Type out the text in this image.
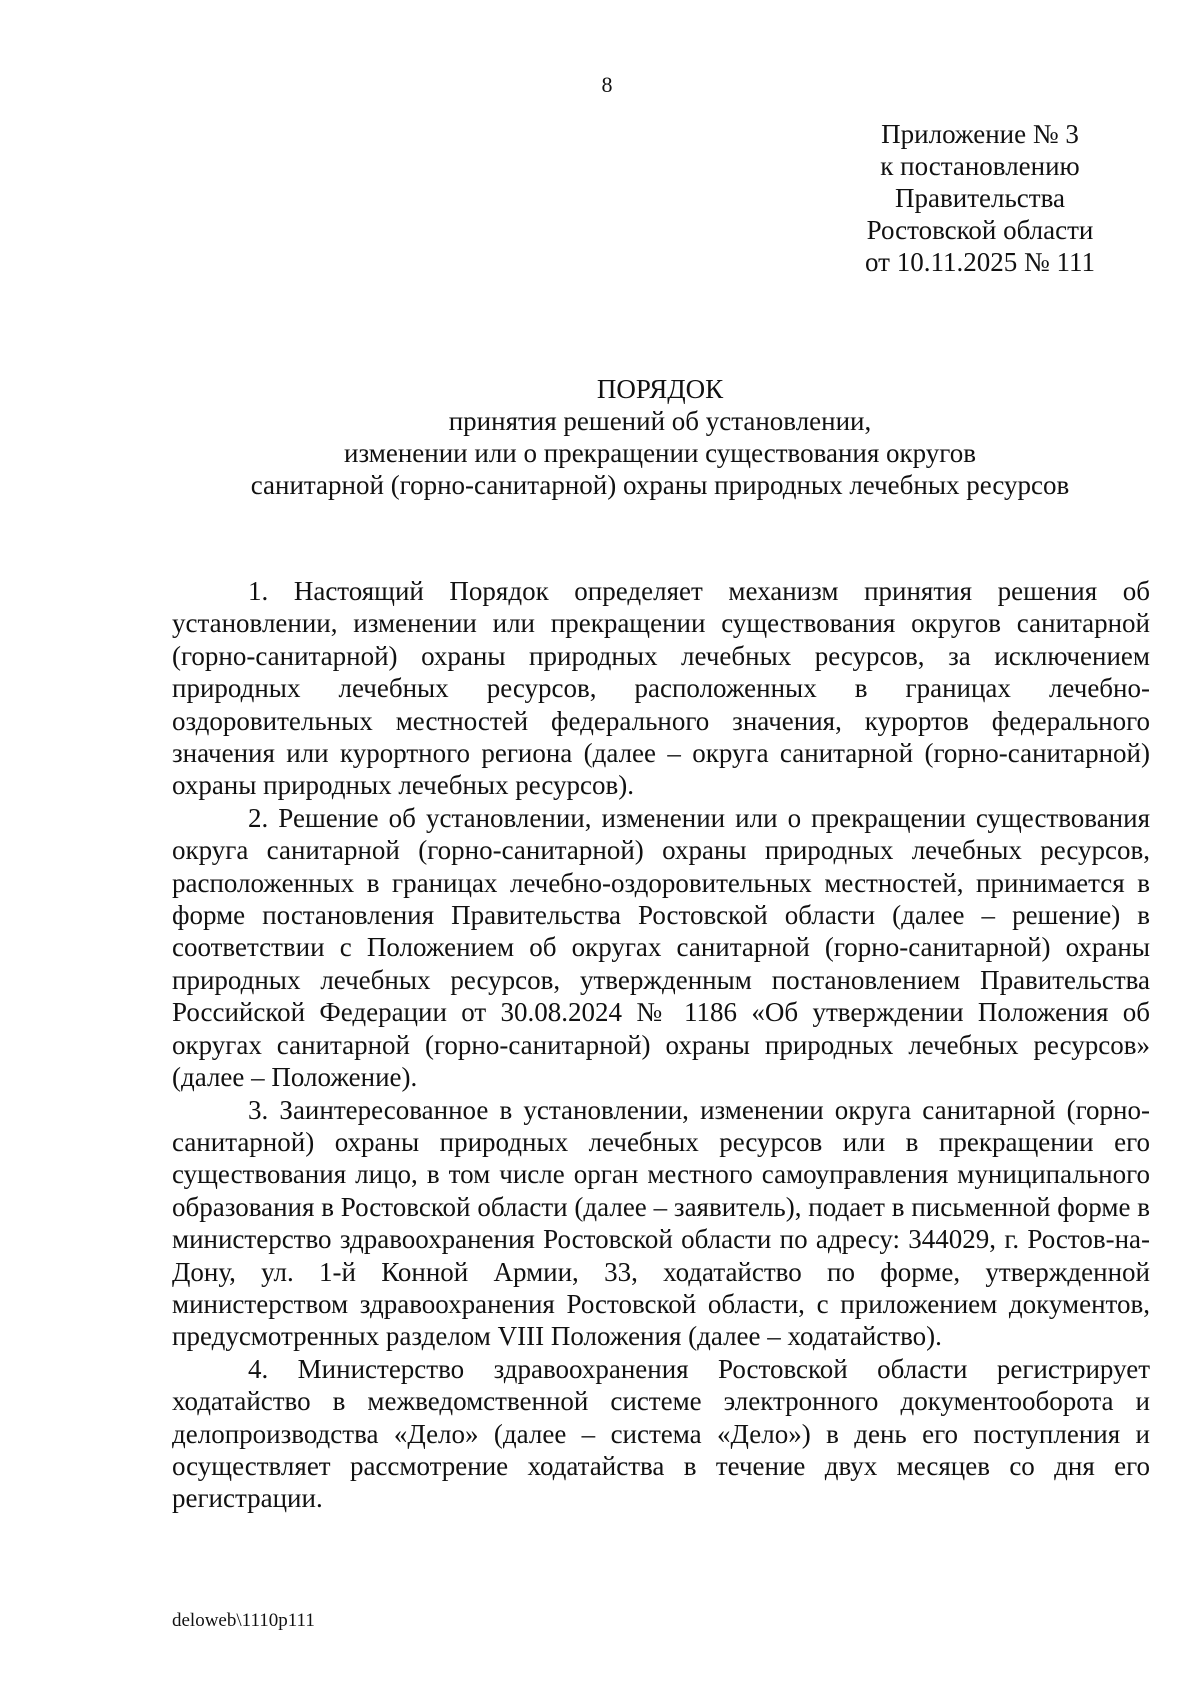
8
Приложение № 3
к постановлению
Правительства
Ростовской области
от 10.11.2025 № 111
ПОРЯДОК
принятия решений об установлении,
изменении или о прекращении существования округов
санитарной (горно-санитарной) охраны природных лечебных ресурсов

1. Настоящий Порядок определяет механизм принятия решения об установлении, изменении или прекращении существования округов санитарной (горно-санитарной) охраны природных лечебных ресурсов, за исключением природных лечебных ресурсов, расположенных в границах лечебно-оздоровительных местностей федерального значения, курортов федерального значения или курортного региона (далее – округа санитарной (горно-санитарной) охраны природных лечебных ресурсов).

2. Решение об установлении, изменении или о прекращении существования округа санитарной (горно-санитарной) охраны природных лечебных ресурсов, расположенных в границах лечебно-оздоровительных местностей, принимается в форме постановления Правительства Ростовской области (далее – решение) в соответствии с Положением об округах санитарной (горно-санитарной) охраны природных лечебных ресурсов, утвержденным постановлением Правительства Российской Федерации от 30.08.2024 № 1186 «Об утверждении Положения об округах санитарной (горно-санитарной) охраны природных лечебных ресурсов» (далее – Положение).

3. Заинтересованное в установлении, изменении округа санитарной (горно-санитарной) охраны природных лечебных ресурсов или в прекращении его существования лицо, в том числе орган местного самоуправления муниципального образования в Ростовской области (далее – заявитель), подает в письменной форме в министерство здравоохранения Ростовской области по адресу: 344029, г. Ростов-на-Дону, ул. 1-й Конной Армии, 33, ходатайство по форме, утвержденной министерством здравоохранения Ростовской области, с приложением документов, предусмотренных разделом VIII Положения (далее – ходатайство).

4. Министерство здравоохранения Ростовской области регистрирует ходатайство в межведомственной системе электронного документооборота и делопроизводства «Дело» (далее – система «Дело») в день его поступления и осуществляет рассмотрение ходатайства в течение двух месяцев со дня его регистрации.

deloweb\1110p111
